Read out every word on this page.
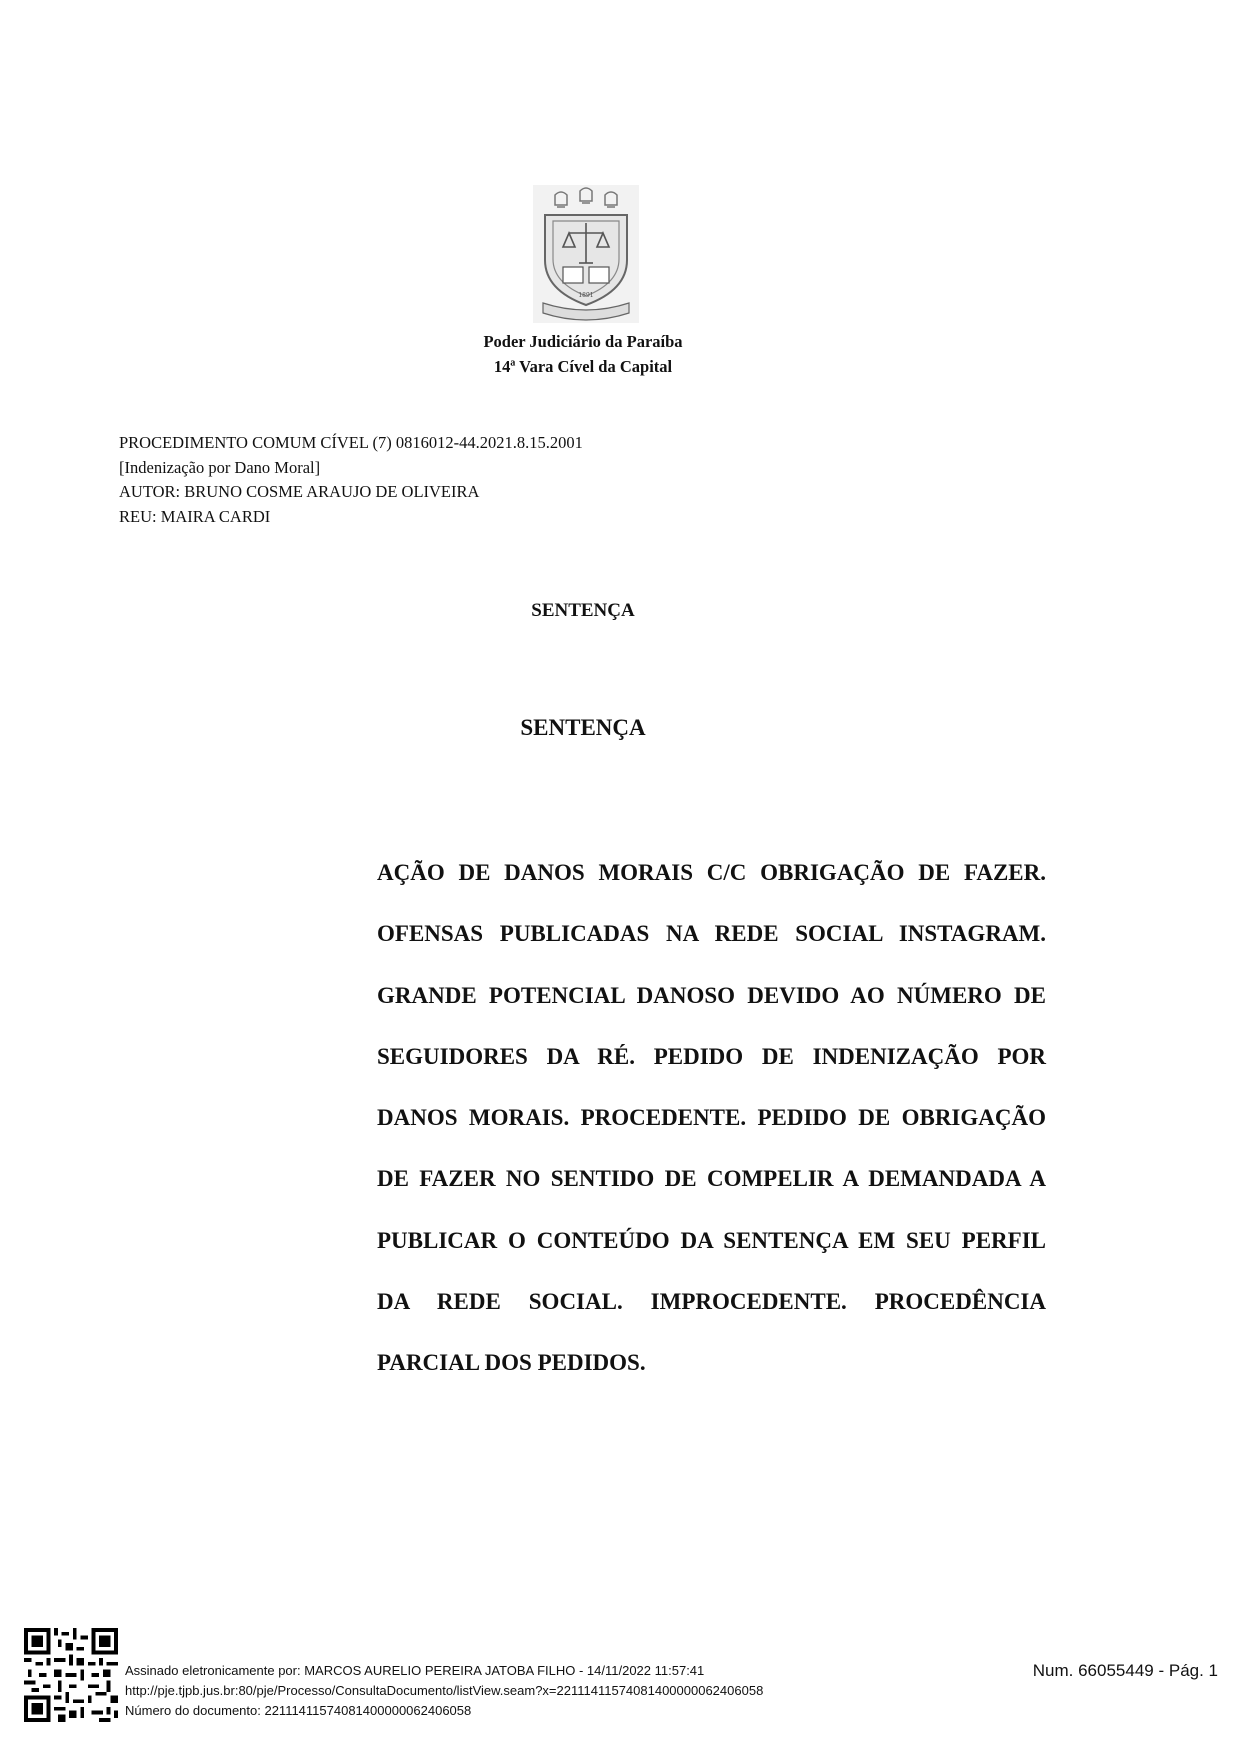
1891
Poder Judiciário da Paraíba
14ª Vara Cível da Capital
PROCEDIMENTO COMUM CÍVEL (7) 0816012-44.2021.8.15.2001
[Indenização por Dano Moral]
AUTOR: BRUNO COSME ARAUJO DE OLIVEIRA
REU: MAIRA CARDI
SENTENÇA
SENTENÇA
AÇÃO DE DANOS MORAIS C/C OBRIGAÇÃO DE FAZER. OFENSAS PUBLICADAS NA REDE SOCIAL INSTAGRAM. GRANDE POTENCIAL DANOSO DEVIDO AO NÚMERO DE SEGUIDORES DA RÉ. PEDIDO DE INDENIZAÇÃO POR DANOS MORAIS. PROCEDENTE. PEDIDO DE OBRIGAÇÃO DE FAZER NO SENTIDO DE COMPELIR A DEMANDADA A PUBLICAR O CONTEÚDO DA SENTENÇA EM SEU PERFIL DA REDE SOCIAL. IMPROCEDENTE. PROCEDÊNCIA PARCIAL DOS PEDIDOS.
Assinado eletronicamente por: MARCOS AURELIO PEREIRA JATOBA FILHO - 14/11/2022 11:57:41
http://pje.tjpb.jus.br:80/pje/Processo/ConsultaDocumento/listView.seam?x=22111411574081400000062406058
Número do documento: 22111411574081400000062406058
Num. 66055449 - Pág. 1
